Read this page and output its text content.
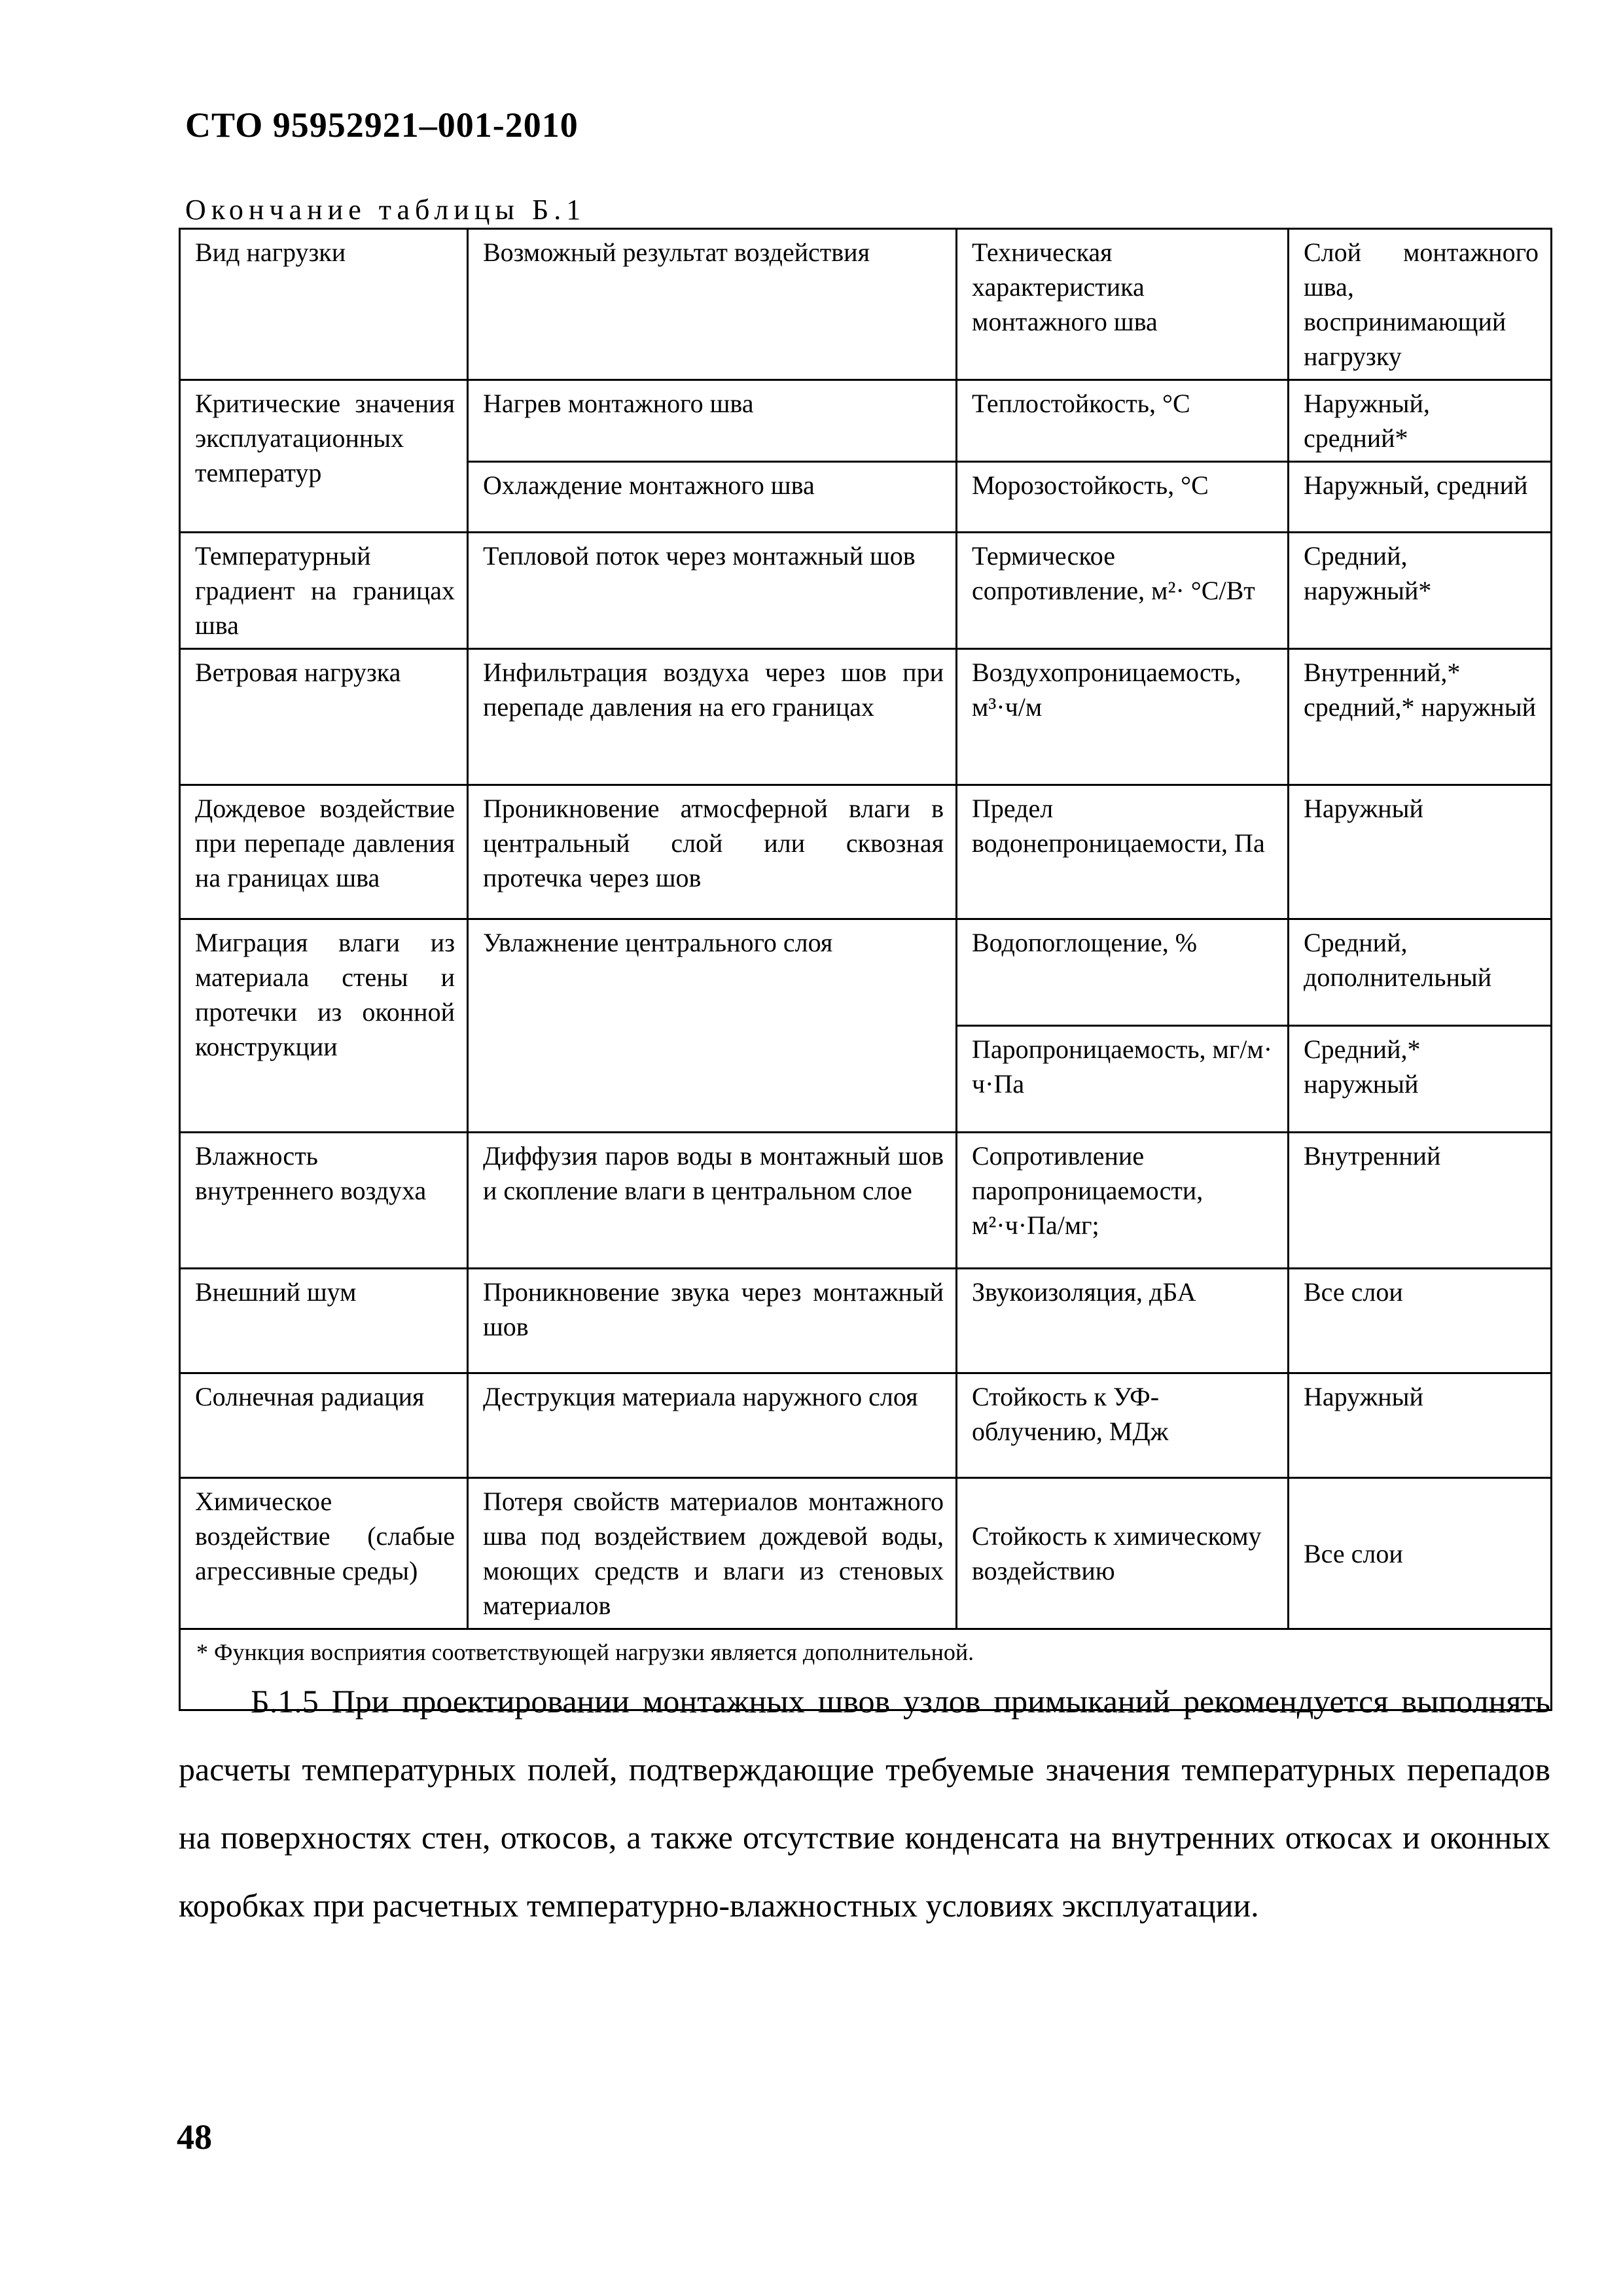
СТО 95952921–001-2010
Окончание таблицы Б.1
Вид нагрузки	Возможный результат воздействия	Техническая характеристика монтажного шва	Слой монтажного шва, воспринимающий нагрузку
Критические значения эксплуатационных температур	Нагрев монтажного шва	Теплостойкость, °С	Наружный, средний*
	Охлаждение монтажного шва	Морозостойкость, °С	Наружный, средний
Температурный градиент на границах шва	Тепловой поток через монтажный шов	Термическое сопротивление, м²· °С/Вт	Средний, наружный*
Ветровая нагрузка	Инфильтрация воздуха через шов при перепаде давления на его границах	Воздухопроницаемость, м³·ч/м	Внутренний,* средний,* наружный
Дождевое воздействие при перепаде давления на границах шва	Проникновение атмосферной влаги в центральный слой или сквозная протечка через шов	Предел водонепроницаемости, Па	Наружный
Миграция влаги из материала стены и протечки из оконной конструкции	Увлажнение центрального слоя	Водопоглощение, %	Средний, дополнительный
		Паропроницаемость, мг/м· ч·Па	Средний,* наружный
Влажность внутреннего воздуха	Диффузия паров воды в монтажный шов и скопление влаги в центральном слое	Сопротивление паропроницаемости, м²·ч·Па/мг;	Внутренний
Внешний шум	Проникновение звука через монтажный шов	Звукоизоляция, дБА	Все слои
Солнечная радиация	Деструкция материала наружного слоя	Стойкость к УФ-облучению, МДж	Наружный
Химическое воздействие (слабые агрессивные среды)	Потеря свойств материалов монтажного шва под воздействием дождевой воды, моющих средств и влаги из стеновых материалов	Стойкость к химическому воздействию	Все слои
* Функция восприятия соответствующей нагрузки является дополнительной.			

Б.1.5 При проектировании монтажных швов узлов примыканий рекомендуется выполнять расчеты температурных полей, подтверждающие требуемые значения температурных перепадов на поверхностях стен, откосов, а также отсутствие конденсата на внутренних откосах и оконных коробках при расчетных температурно-влажностных условиях эксплуатации.

48
